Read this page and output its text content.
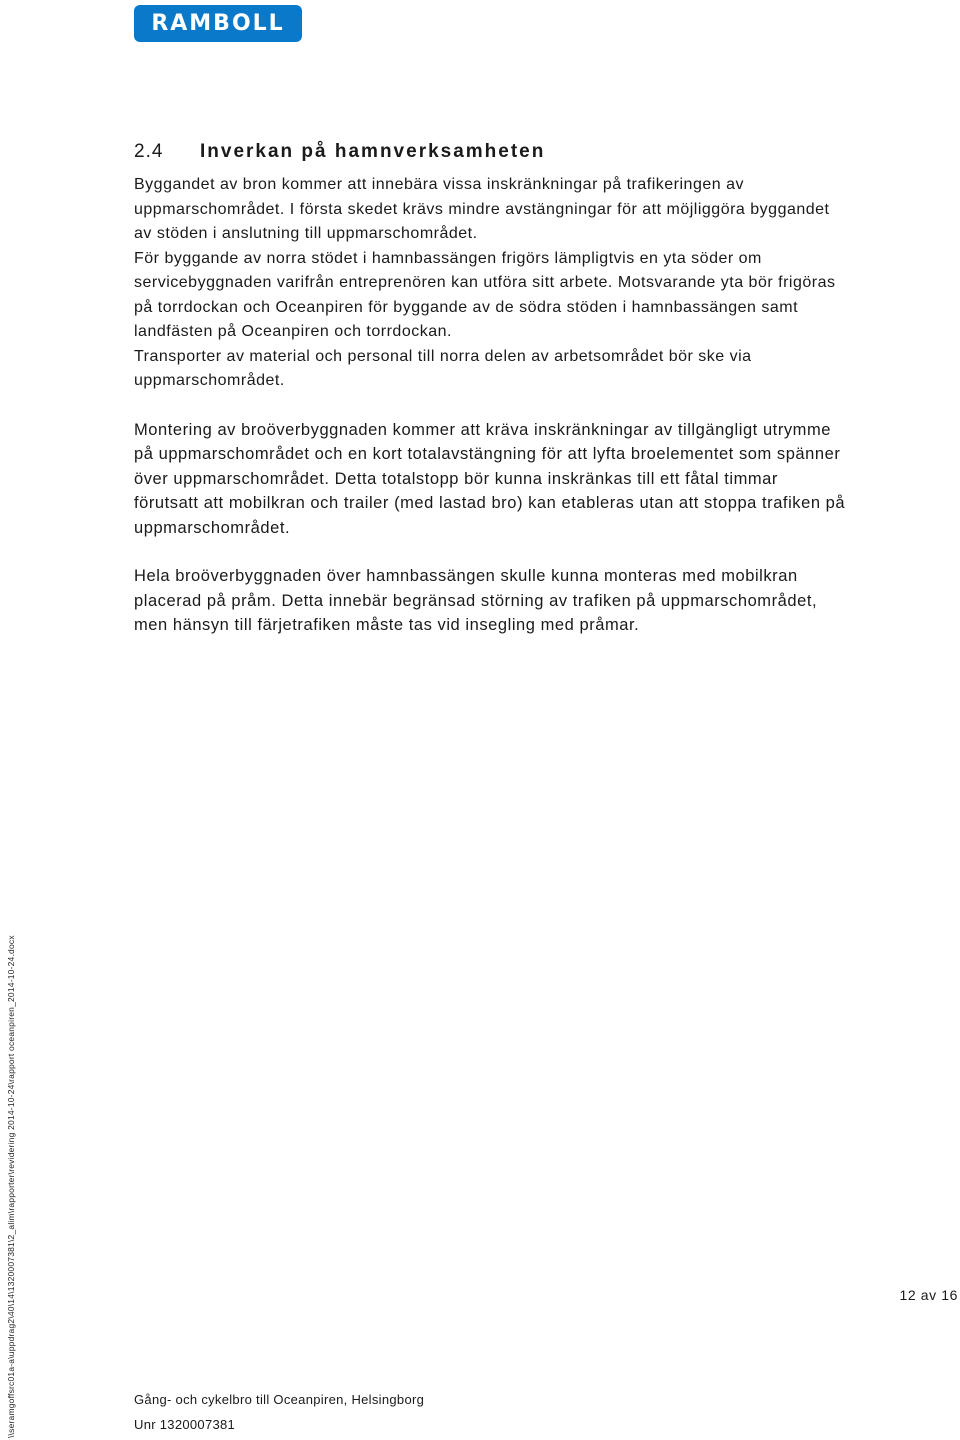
RAMBOLL
2.4	Inverkan på hamnverksamheten

Byggandet av bron kommer att innebära vissa inskränkningar på trafikeringen av uppmarschområdet. I första skedet krävs mindre avstängningar för att möjliggöra byggandet av stöden i anslutning till uppmarschområdet.

För byggande av norra stödet i hamnbassängen frigörs lämpligtvis en yta söder om servicebyggnaden varifrån entreprenören kan utföra sitt arbete. Motsvarande yta bör frigöras på torrdockan och Oceanpiren för byggande av de södra stöden i hamnbassängen samt landfästen på Oceanpiren och torrdockan.

Transporter av material och personal till norra delen av arbetsområdet bör ske via uppmarschområdet.

Montering av broöverbyggnaden kommer att kräva inskränkningar av tillgängligt utrymme på uppmarschområdet och en kort totalavstängning för att lyfta broelementet som spänner över uppmarschområdet. Detta totalstopp bör kunna inskränkas till ett fåtal timmar förutsatt att mobilkran och trailer (med lastad bro) kan etableras utan att stoppa trafiken på uppmarschområdet.

Hela broöverbyggnaden över hamnbassängen skulle kunna monteras med mobilkran placerad på pråm. Detta innebär begränsad störning av trafiken på uppmarschområdet, men hänsyn till färjetrafiken måste tas vid insegling med pråmar.

12 av 16
Gång- och cykelbro till Oceanpiren, Helsingborg
Unr 1320007381
\\seramgoffsrc01a-a\uppdrag2\40\14\1320007381\2_alim\rapporter\revidering 2014-10-24\rapport oceanpiren_2014-10-24.docx
